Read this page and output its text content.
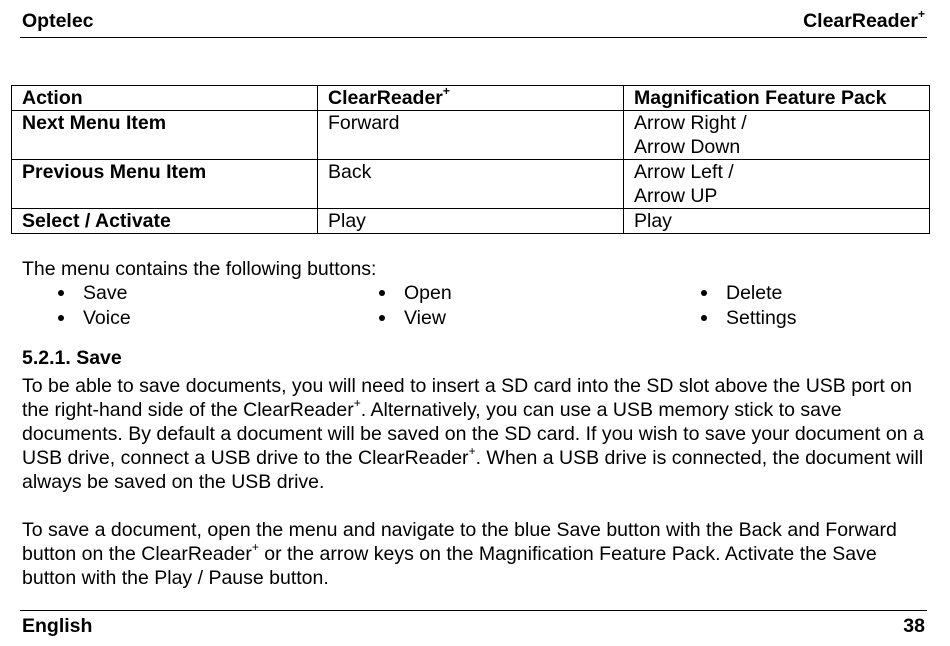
Optelec	ClearReader+
Action	ClearReader+	Magnification Feature Pack
Next Menu Item	Forward	Arrow Right /
Arrow Down

Previous Menu Item	Back	Arrow Left /
Arrow UP

Select / Activate	Play	Play
The menu contains the following buttons:
Save
Voice
Open
View
Delete
Settings
5.2.1. Save

To be able to save documents, you will need to insert a SD card into the SD slot above the USB port on the right-hand side of the ClearReader+. Alternatively, you can use a USB memory stick to save documents. By default a document will be saved on the SD card. If you wish to save your document on a USB drive, connect a USB drive to the ClearReader+. When a USB drive is connected, the document will always be saved on the USB drive.

To save a document, open the menu and navigate to the blue Save button with the Back and Forward button on the ClearReader+ or the arrow keys on the Magnification Feature Pack. Activate the Save button with the Play / Pause button.

English	38
